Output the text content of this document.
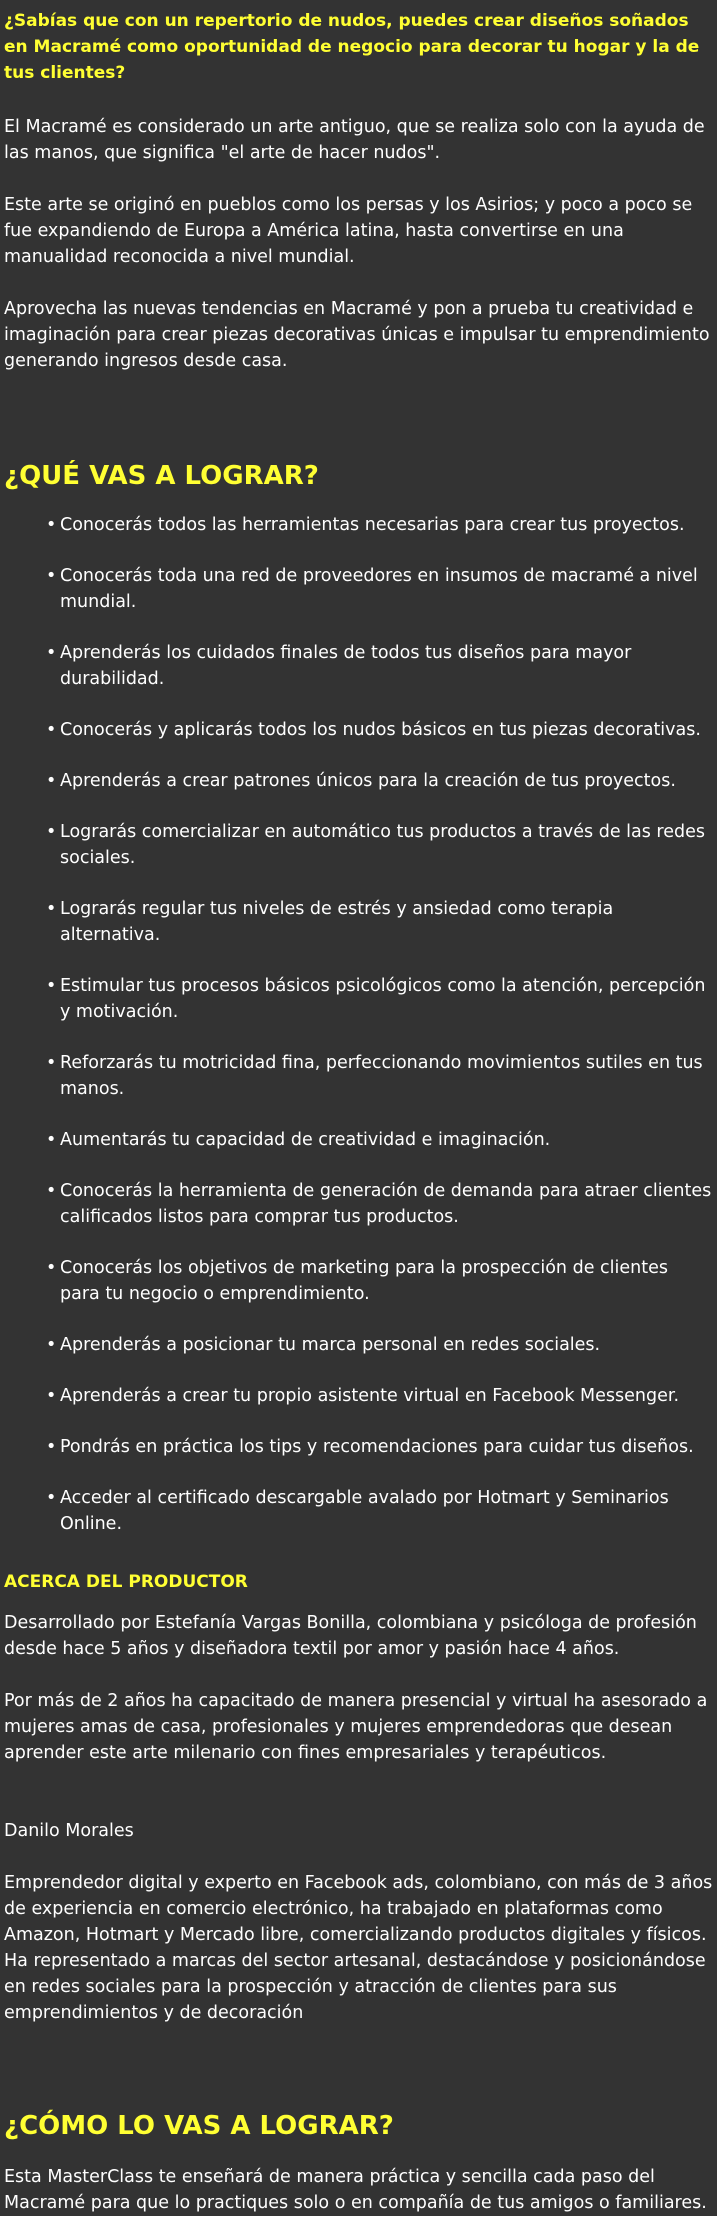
¿Sabías que con un repertorio de nudos, puedes crear diseños soñados en Macramé como oportunidad de negocio para decorar tu hogar y la de tus clientes?

El Macramé es considerado un arte antiguo, que se realiza solo con la ayuda de las manos, que significa "el arte de hacer nudos".

Este arte se originó en pueblos como los persas y los Asirios; y poco a poco se fue expandiendo de Europa a América latina, hasta convertirse en una manualidad reconocida a nivel mundial.

Aprovecha las nuevas tendencias en Macramé y pon a prueba tu creatividad e imaginación para crear piezas decorativas únicas e impulsar tu emprendimiento generando ingresos desde casa.

¿QUÉ VAS A LOGRAR?
• Conocerás todos las herramientas necesarias para crear tus proyectos.
• Conocerás toda una red de proveedores en insumos de macramé a nivel mundial.
• Aprenderás los cuidados finales de todos tus diseños para mayor durabilidad.
• Conocerás y aplicarás todos los nudos básicos en tus piezas decorativas.
• Aprenderás a crear patrones únicos para la creación de tus proyectos.
• Lograrás comercializar en automático tus productos a través de las redes sociales.
• Lograrás regular tus niveles de estrés y ansiedad como terapia alternativa.
• Estimular tus procesos básicos psicológicos como la atención, percepción y motivación.
• Reforzarás tu motricidad fina, perfeccionando movimientos sutiles en tus manos.
• Aumentarás tu capacidad de creatividad e imaginación.
• Conocerás la herramienta de generación de demanda para atraer clientes calificados listos para comprar tus productos.
• Conocerás los objetivos de marketing para la prospección de clientes para tu negocio o emprendimiento.
• Aprenderás a posicionar tu marca personal en redes sociales.
• Aprenderás a crear tu propio asistente virtual en Facebook Messenger.
• Pondrás en práctica los tips y recomendaciones para cuidar tus diseños.
• Acceder al certificado descargable avalado por Hotmart y Seminarios Online.
ACERCA DEL PRODUCTOR

Desarrollado por Estefanía Vargas Bonilla, colombiana y psicóloga de profesión desde hace 5 años y diseñadora textil por amor y pasión hace 4 años.

Por más de 2 años ha capacitado de manera presencial y virtual ha asesorado a mujeres amas de casa, profesionales y mujeres emprendedoras que desean aprender este arte milenario con fines empresariales y terapéuticos.

Danilo Morales

Emprendedor digital y experto en Facebook ads, colombiano, con más de 3 años de experiencia en comercio electrónico, ha trabajado en plataformas como Amazon, Hotmart y Mercado libre, comercializando productos digitales y físicos. Ha representado a marcas del sector artesanal, destacándose y posicionándose en redes sociales para la prospección y atracción de clientes para sus emprendimientos y de decoración

¿CÓMO LO VAS A LOGRAR?

Esta MasterClass te enseñará de manera práctica y sencilla cada paso del Macramé para que lo practiques solo o en compañía de tus amigos o familiares.
